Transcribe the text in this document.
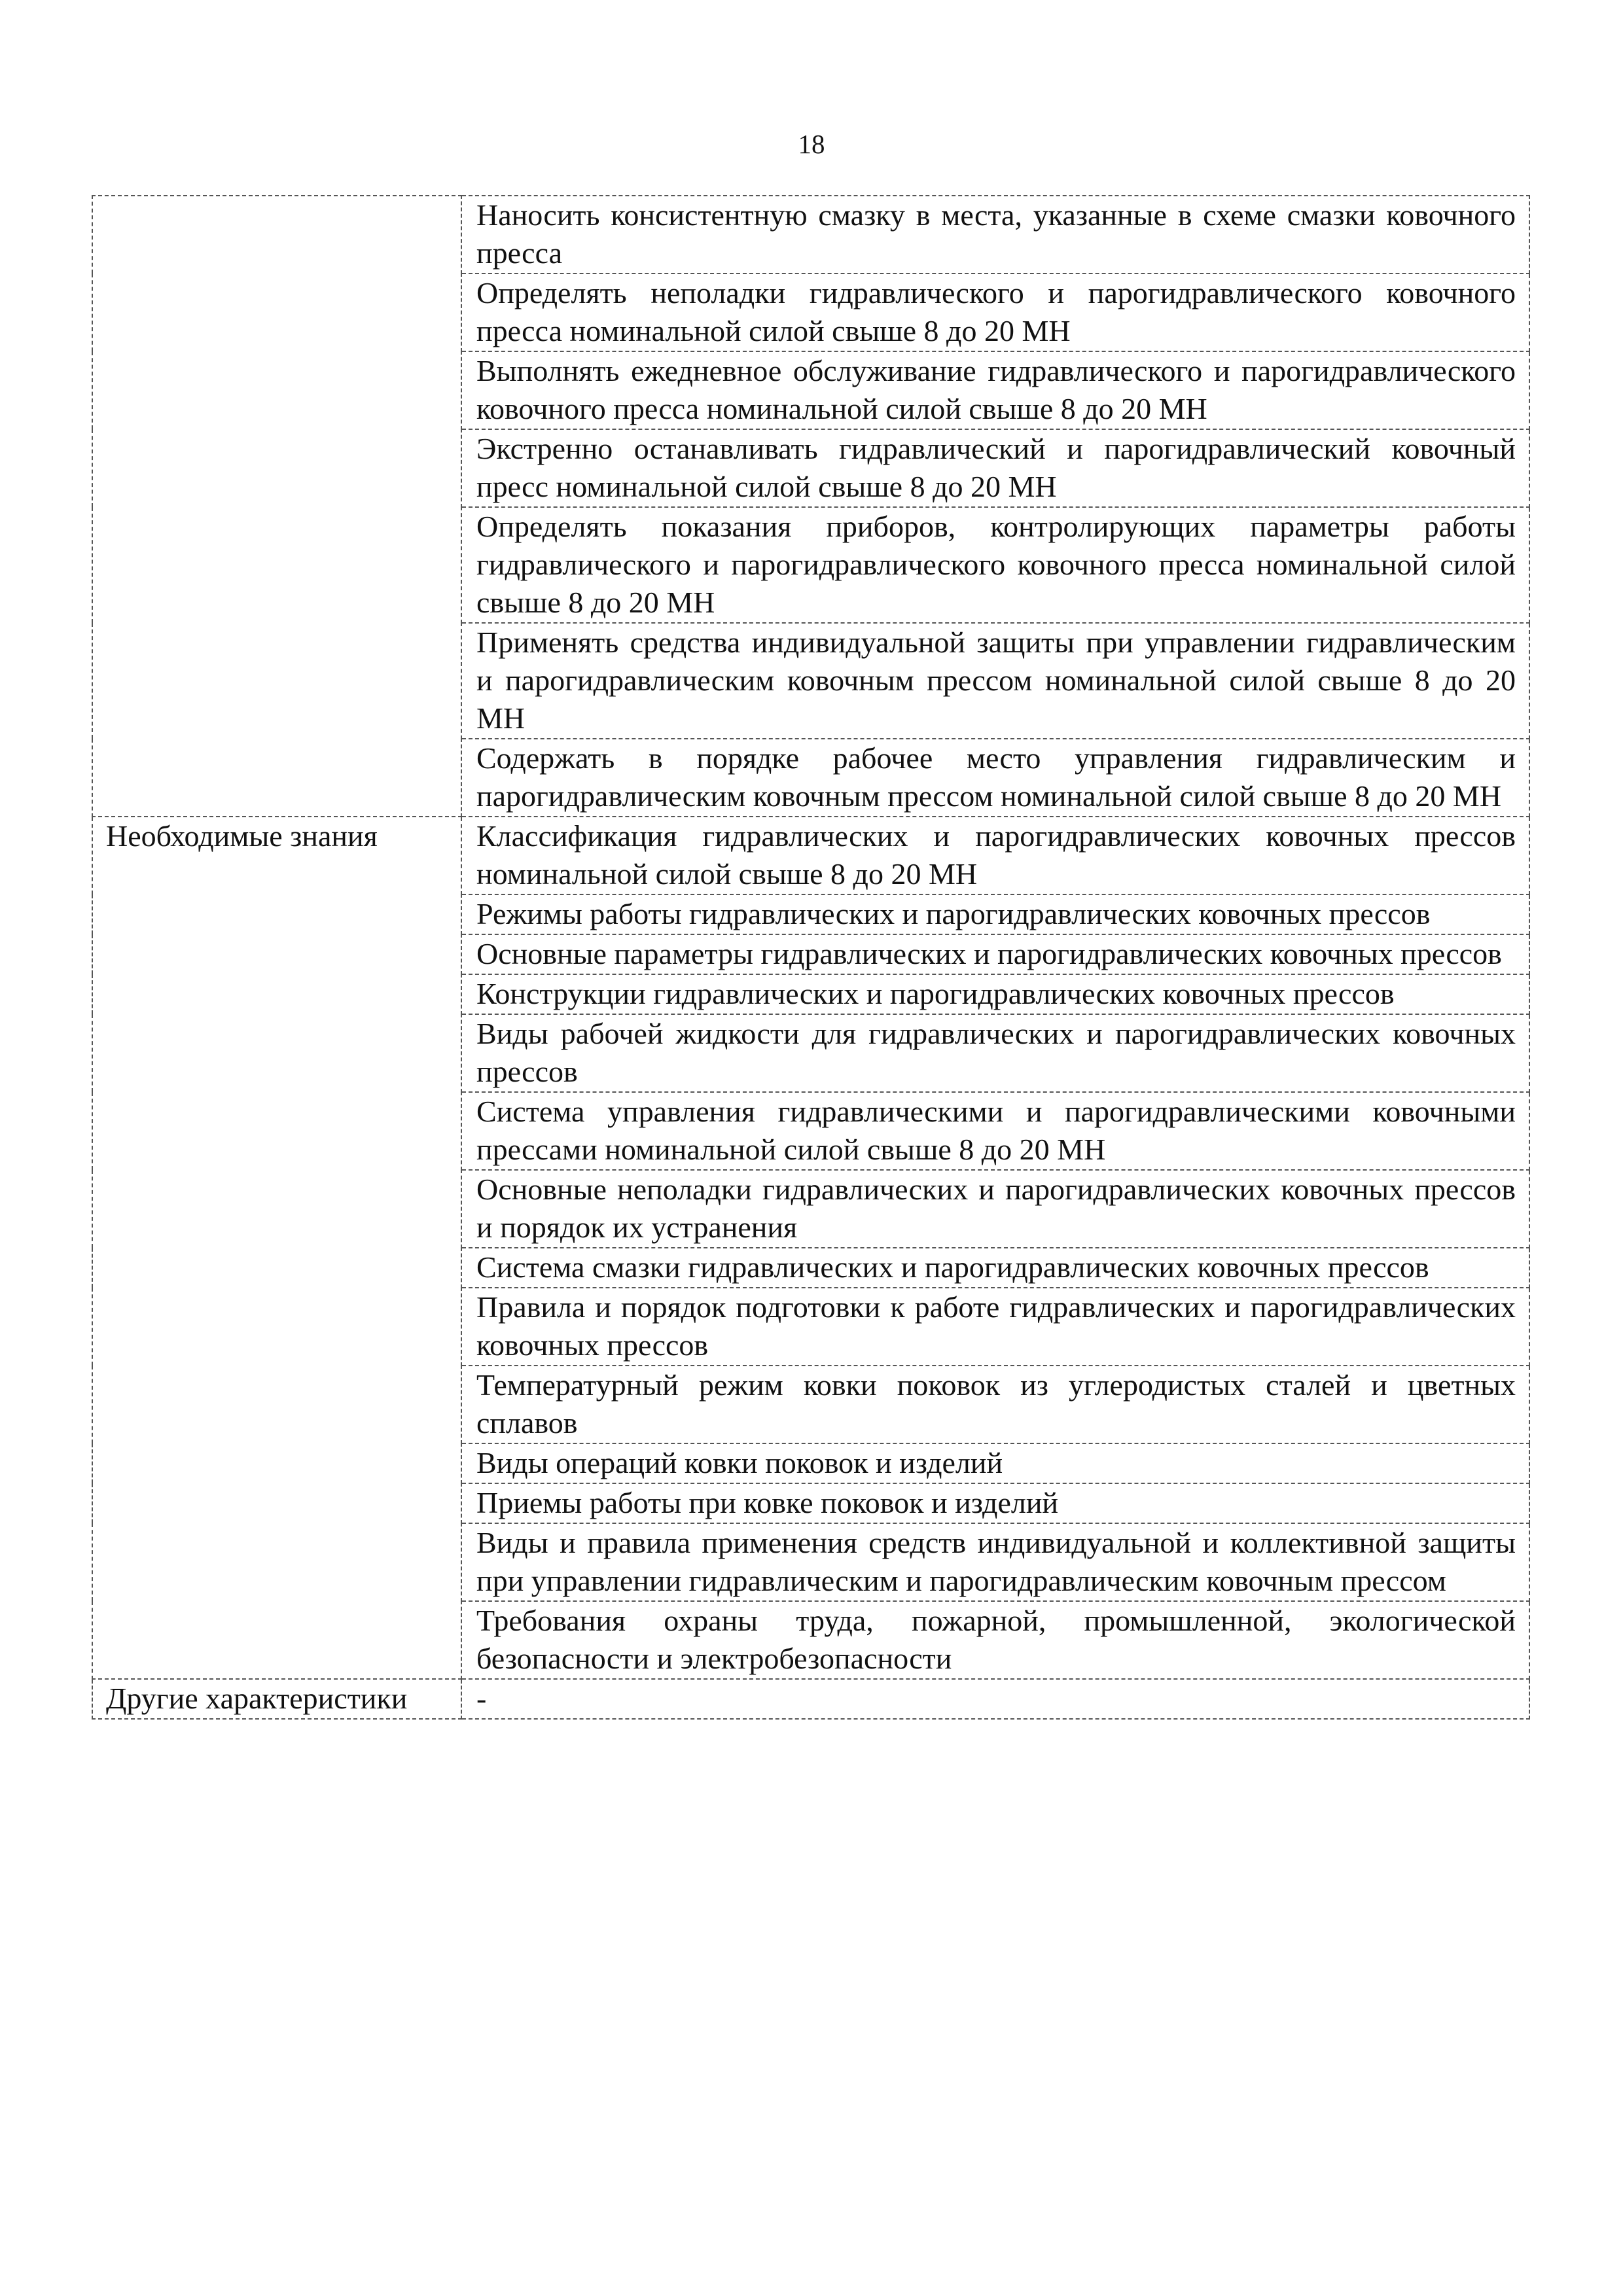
18

	Наносить консистентную смазку в места, указанные в схеме смазки ковочного пресса

	Определять неполадки гидравлического и парогидравлического ковочного пресса номинальной силой свыше 8 до 20 МН

	Выполнять ежедневное обслуживание гидравлического и парогидравлического ковочного пресса номинальной силой свыше 8 до 20 МН

	Экстренно останавливать гидравлический и парогидравлический ковочный пресс номинальной силой свыше 8 до 20 МН

	Определять показания приборов, контролирующих параметры работы гидравлического и парогидравлического ковочного пресса номинальной силой свыше 8 до 20 МН

	Применять средства индивидуальной защиты при управлении гидравлическим и парогидравлическим ковочным прессом номинальной силой свыше 8 до 20 МН

	Содержать в порядке рабочее место управления гидравлическим и парогидравлическим ковочным прессом номинальной силой свыше 8 до 20 МН

Необходимые знания	Классификация гидравлических и парогидравлических ковочных прессов номинальной силой свыше 8 до 20 МН

	Режимы работы гидравлических и парогидравлических ковочных прессов

	Основные параметры гидравлических и парогидравлических ковочных прессов

	Конструкции гидравлических и парогидравлических ковочных прессов

	Виды рабочей жидкости для гидравлических и парогидравлических ковочных прессов

	Система управления гидравлическими и парогидравлическими ковочными прессами номинальной силой свыше 8 до 20 МН

	Основные неполадки гидравлических и парогидравлических ковочных прессов и порядок их устранения

	Система смазки гидравлических и парогидравлических ковочных прессов

	Правила и порядок подготовки к работе гидравлических и парогидравлических ковочных прессов

	Температурный режим ковки поковок из углеродистых сталей и цветных сплавов

	Виды операций ковки поковок и изделий

	Приемы работы при ковке поковок и изделий

	Виды и правила применения средств индивидуальной и коллективной защиты при управлении гидравлическим и парогидравлическим ковочным прессом

	Требования охраны труда, пожарной, промышленной, экологической безопасности и электробезопасности

Другие характеристики	-
